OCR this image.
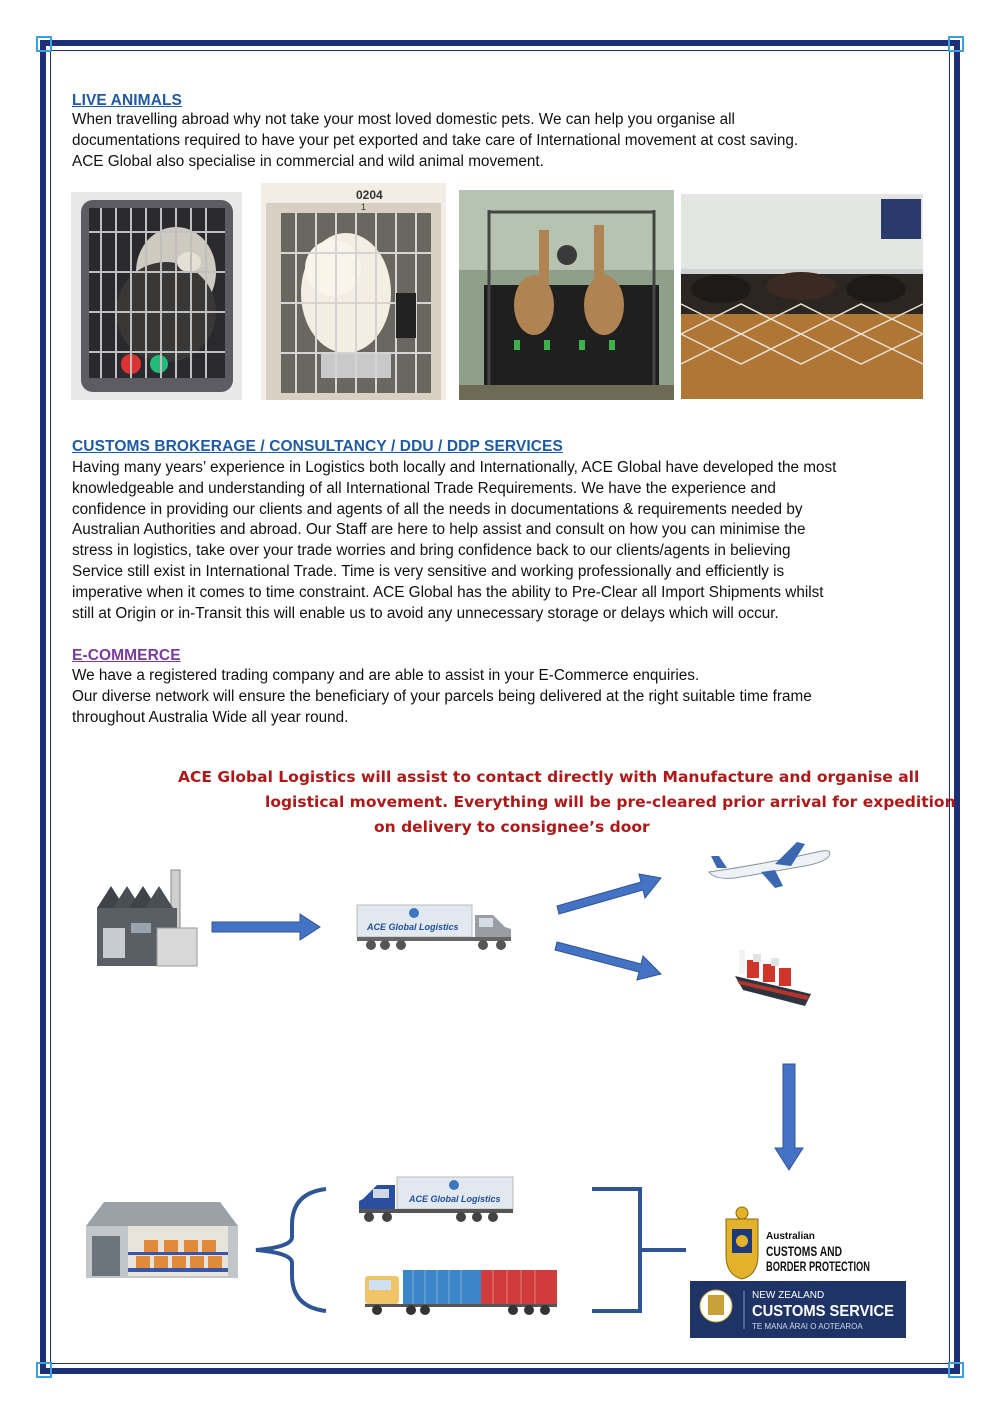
LIVE ANIMALS

When travelling abroad why not take your most loved domestic pets. We can help you organise all

documentations required to have your pet exported and take care of International movement at cost saving.

ACE Global also specialise in commercial and wild animal movement.

0204
1
CUSTOMS BROKERAGE / CONSULTANCY / DDU / DDP SERVICES

Having many years’ experience in Logistics both locally and Internationally, ACE Global have developed the most

knowledgeable and understanding of all International Trade Requirements. We have the experience and

confidence in providing our clients and agents of all the needs in documentations & requirements needed by

Australian Authorities and abroad. Our Staff are here to help assist and consult on how you can minimise the

stress in logistics, take over your trade worries and bring confidence back to our clients/agents in believing

Service still exist in International Trade. Time is very sensitive and working professionally and efficiently is

imperative when it comes to time constraint. ACE Global has the ability to Pre-Clear all Import Shipments whilst

still at Origin or in-Transit this will enable us to avoid any unnecessary storage or delays which will occur.

E-COMMERCE

We have a registered trading company and are able to assist in your E-Commerce enquiries.

Our diverse network will ensure the beneficiary of your parcels being delivered at the right suitable time frame

throughout Australia Wide all year round.

ACE Global Logistics will assist to contact directly with Manufacture and organise all
logistical movement. Everything will be pre-cleared prior arrival for expedition
on delivery to consignee’s door
ACE Global Logistics
ACE Global Logistics
Australian
CUSTOMS AND
BORDER PROTECTION
NEW ZEALAND
CUSTOMS SERVICE
TE MANA ĀRAI O AOTEAROA
